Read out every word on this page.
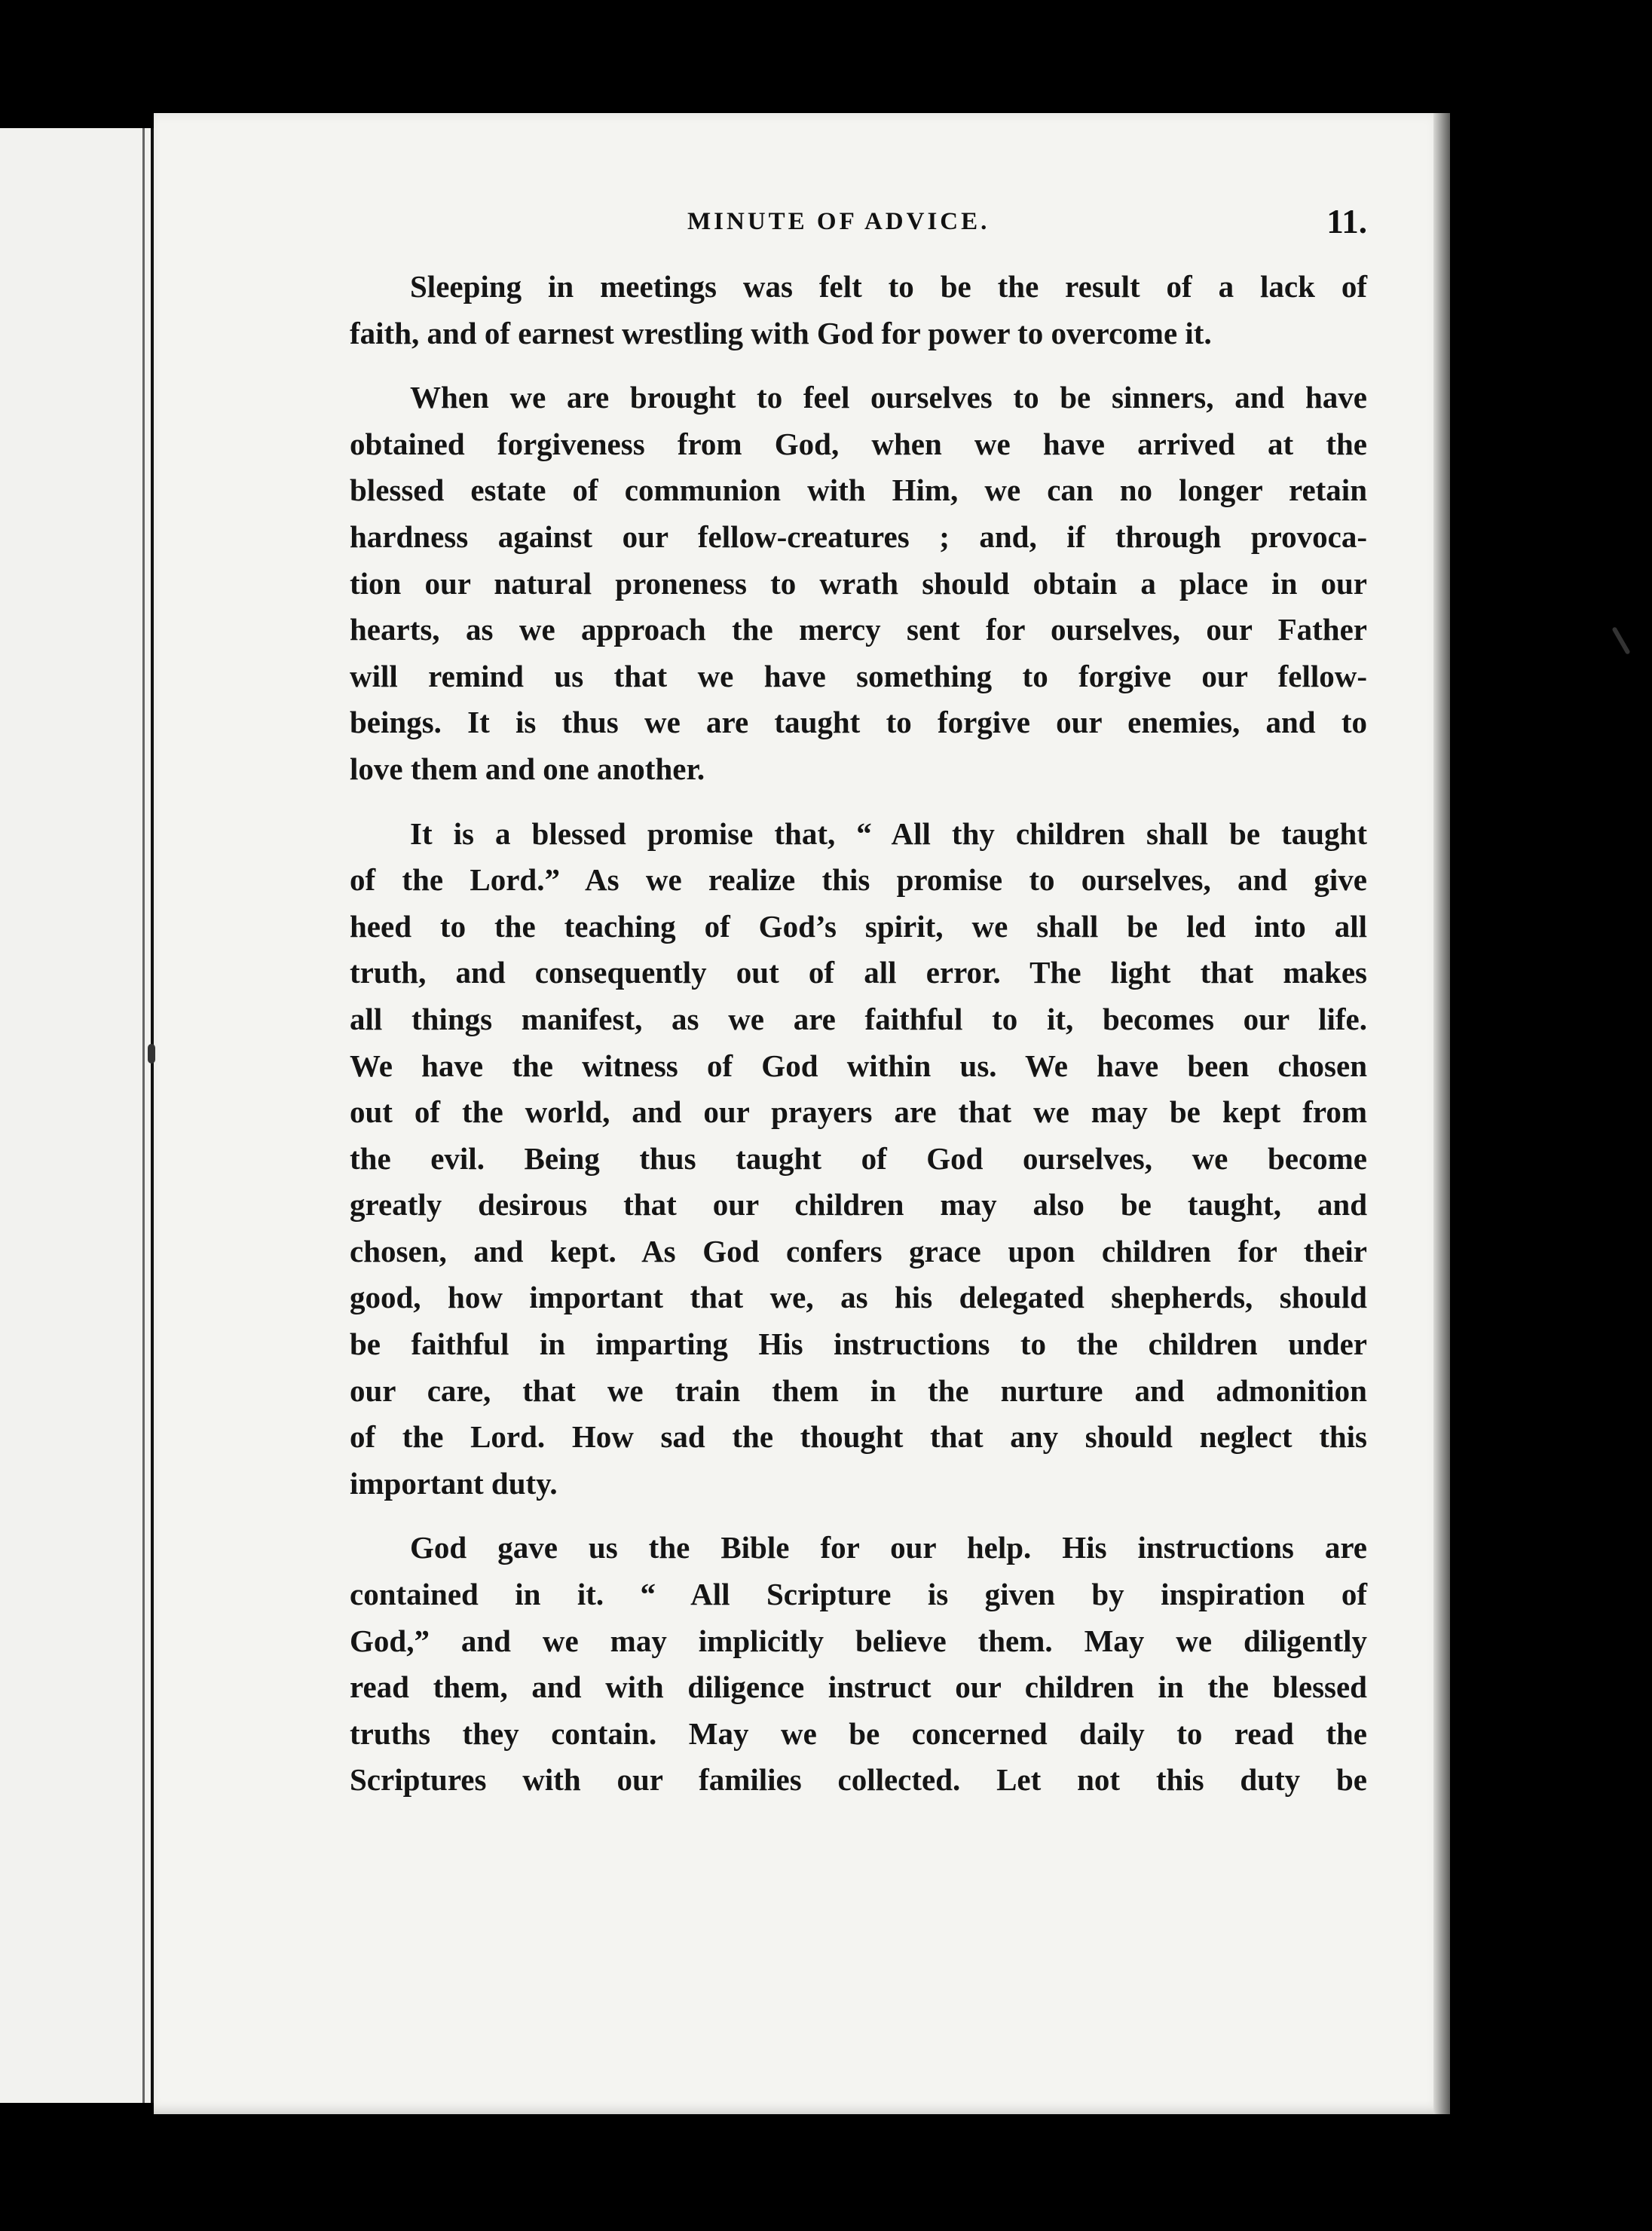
MINUTE OF ADVICE.	11.

Sleeping in meetings was felt to be the result of a lack of
faith, and of earnest wrestling with God for power to overcome it.

When we are brought to feel ourselves to be sinners, and have
obtained forgiveness from God, when we have arrived at the
blessed estate of communion with Him, we can no longer retain
hardness against our fellow-creatures ; and, if through provoca-
tion our natural proneness to wrath should obtain a place in our
hearts, as we approach the mercy sent for ourselves, our Father
will remind us that we have something to forgive our fellow-
beings. It is thus we are taught to forgive our enemies, and to
love them and one another.

It is a blessed promise that, “ All thy children shall be taught
of the Lord.” As we realize this promise to ourselves, and give
heed to the teaching of God’s spirit, we shall be led into all
truth, and consequently out of all error. The light that makes
all things manifest, as we are faithful to it, becomes our life.
We have the witness of God within us. We have been chosen
out of the world, and our prayers are that we may be kept from
the evil. Being thus taught of God ourselves, we become
greatly desirous that our children may also be taught, and
chosen, and kept. As God confers grace upon children for their
good, how important that we, as his delegated shepherds, should
be faithful in imparting His instructions to the children under
our care, that we train them in the nurture and admonition
of the Lord. How sad the thought that any should neglect this
important duty.

God gave us the Bible for our help. His instructions are
contained in it. “ All Scripture is given by inspiration of
God,” and we may implicitly believe them. May we diligently
read them, and with diligence instruct our children in the blessed
truths they contain. May we be concerned daily to read the
Scriptures with our families collected. Let not this duty be
